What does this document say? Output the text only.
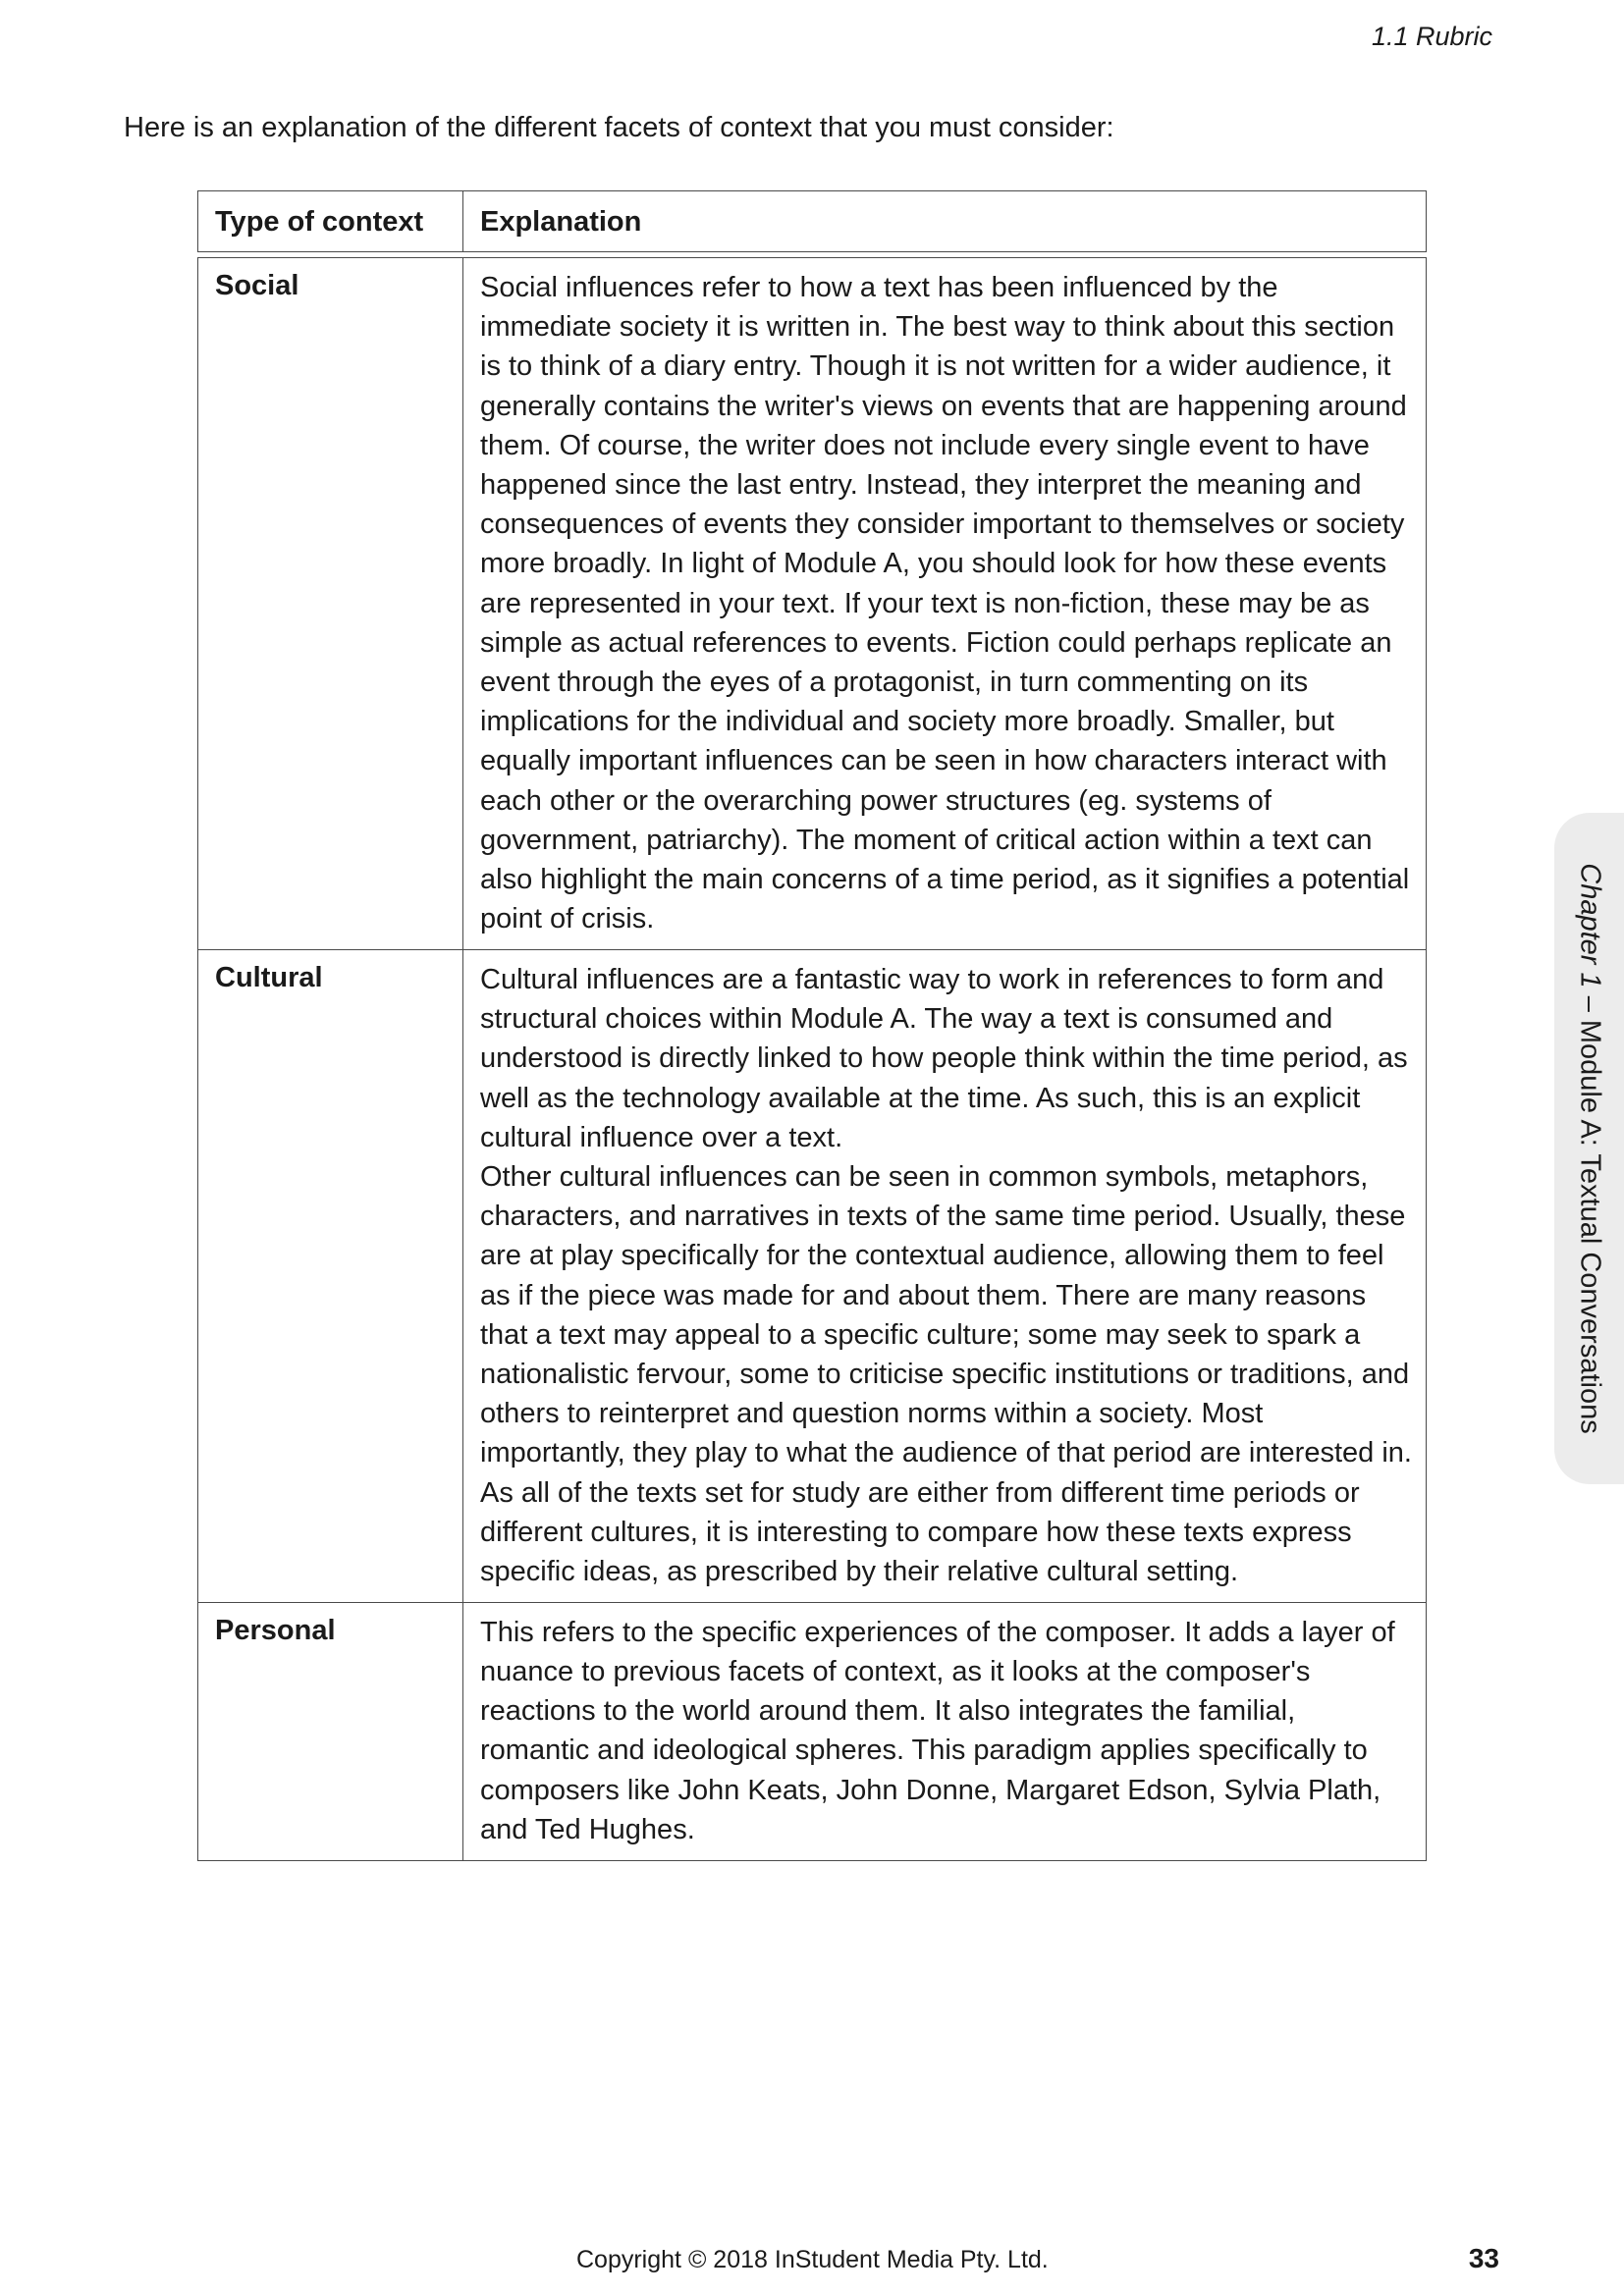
1.1 Rubric
Here is an explanation of the different facets of context that you must consider:
Type of context	Explanation
Social	Social influences refer to how a text has been influenced by the immediate society it is written in. The best way to think about this section is to think of a diary entry. Though it is not written for a wider audience, it generally contains the writer's views on events that are happening around them. Of course, the writer does not include every single event to have happened since the last entry. Instead, they interpret the meaning and consequences of events they consider important to themselves or society more broadly. In light of Module A, you should look for how these events are represented in your text. If your text is non-fiction, these may be as simple as actual references to events. Fiction could perhaps replicate an event through the eyes of a protagonist, in turn commenting on its implications for the individual and society more broadly. Smaller, but equally important influences can be seen in how characters interact with each other or the overarching power structures (eg. systems of government, patriarchy). The moment of critical action within a text can also highlight the main concerns of a time period, as it signifies a potential point of crisis.

Cultural	Cultural influences are a fantastic way to work in references to form and structural choices within Module A. The way a text is consumed and understood is directly linked to how people think within the time period, as well as the technology available at the time. As such, this is an explicit cultural influence over a text.

Other cultural influences can be seen in common symbols, metaphors, characters, and narratives in texts of the same time period. Usually, these are at play specifically for the contextual audience, allowing them to feel as if the piece was made for and about them. There are many reasons that a text may appeal to a specific culture; some may seek to spark a nationalistic fervour, some to criticise specific institutions or traditions, and others to reinterpret and question norms within a society. Most importantly, they play to what the audience of that period are interested in. As all of the texts set for study are either from different time periods or different cultures, it is interesting to compare how these texts express specific ideas, as prescribed by their relative cultural setting.

Personal	This refers to the specific experiences of the composer. It adds a layer of nuance to previous facets of context, as it looks at the composer's reactions to the world around them. It also integrates the familial, romantic and ideological spheres. This paradigm applies specifically to composers like John Keats, John Donne, Margaret Edson, Sylvia Plath, and Ted Hughes.

Chapter 1 – Module A: Textual Conversations
Copyright © 2018 InStudent Media Pty. Ltd.	33
